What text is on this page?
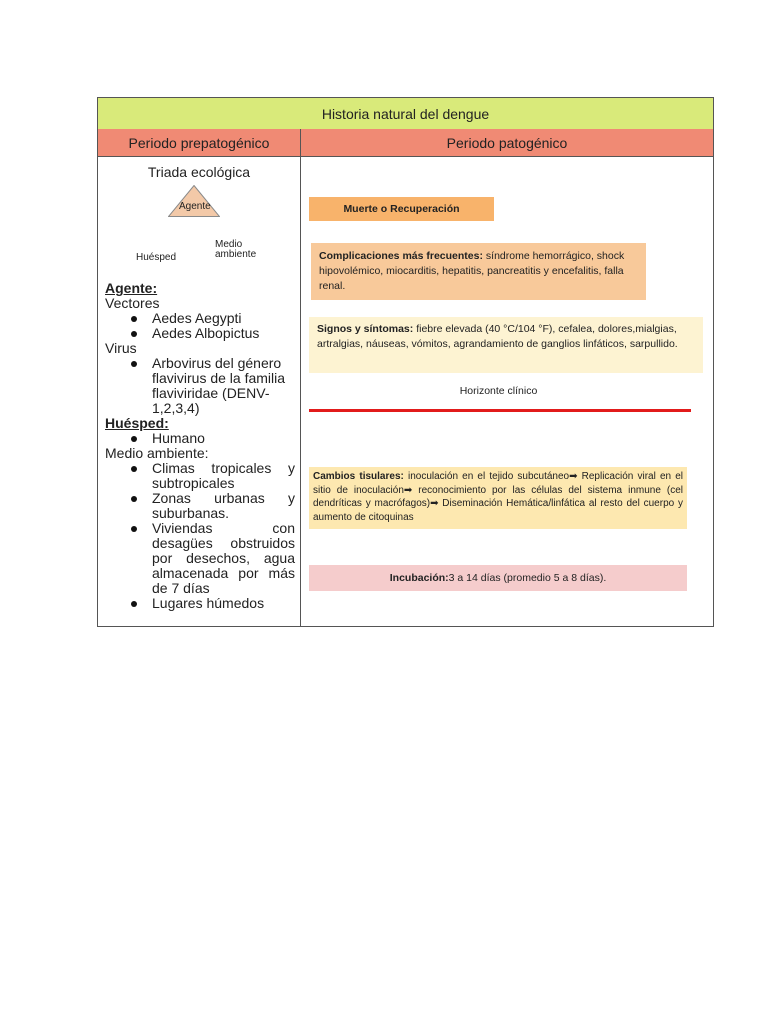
Historia natural del dengue
Periodo prepatogénico	Periodo patogénico
Triada ecológica
Agente
Huésped
Medio
ambiente
Agente:
Vectores
Aedes Aegypti
Aedes Albopictus
Virus
Arbovirus del género flavivirus de la familia flaviviridae (DENV-1,2,3,4)
Huésped:
Humano
Medio ambiente:
Climas tropicales y subtropicales
Zonas urbanas y suburbanas.
Viviendas con desagües obstruidos por desechos, agua almacenada por más de 7 días
Lugares húmedos
Muerte o Recuperación
Complicaciones más frecuentes: síndrome hemorrágico, shock hipovolémico, miocarditis, hepatitis, pancreatitis y encefalitis, falla renal.
Signos y síntomas: fiebre elevada (40 °C/104 °F), cefalea, dolores,mialgias, artralgias, náuseas, vómitos, agrandamiento de ganglios linfáticos, sarpullido.
Horizonte clínico
Cambios tisulares: inoculación en el tejido subcutáneo➡ Replicación viral en el sitio de inoculación➡ reconocimiento por las células del sistema inmune (cel dendríticas y macrófagos)➡ Diseminación Hemática/linfática al resto del cuerpo y aumento de citoquinas
Incubación: 3 a 14 días (promedio 5 a 8 días).
